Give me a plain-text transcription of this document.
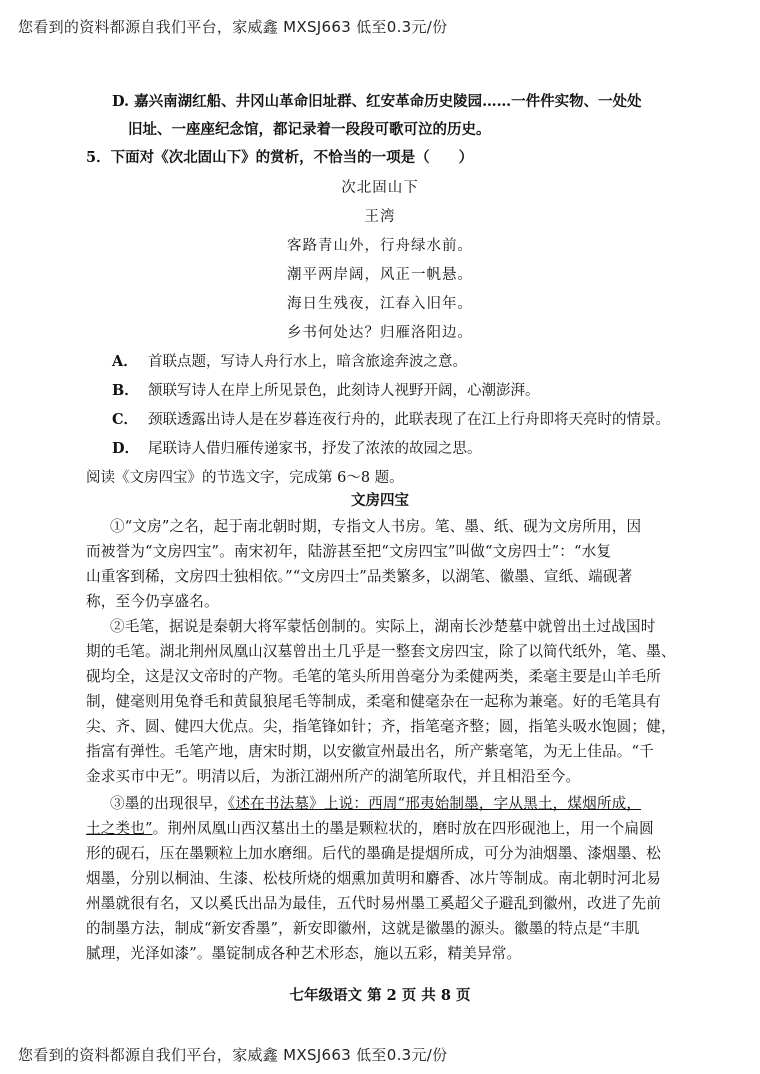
您看到的资料都源自我们平台，家威鑫 MXSJ663 低至0.3元/份
D. 嘉兴南湖红船、井冈山革命旧址群、红安革命历史陵园……一件件实物、一处处
旧址、一座座纪念馆，都记录着一段段可歌可泣的历史。
5．下面对《次北固山下》的赏析，不恰当的一项是（　　）
次北固山下
王湾
客路青山外，行舟绿水前。
潮平两岸阔，风正一帆悬。
海日生残夜，江春入旧年。
乡书何处达？归雁洛阳边。
A． 首联点题，写诗人舟行水上，暗含旅途奔波之意。
B． 颔联写诗人在岸上所见景色，此刻诗人视野开阔，心潮澎湃。
C． 颈联透露出诗人是在岁暮连夜行舟的，此联表现了在江上行舟即将天亮时的情景。
D． 尾联诗人借归雁传递家书，抒发了浓浓的故园之思。
阅读《文房四宝》的节选文字，完成第 6～8 题。
文房四宝
①“文房”之名，起于南北朝时期，专指文人书房。笔、墨、纸、砚为文房所用，因
而被誉为“文房四宝”。南宋初年，陆游甚至把“文房四宝”叫做“文房四士”：“水复
山重客到稀，文房四士独相依。”“文房四士”品类繁多，以湖笔、徽墨、宣纸、端砚著
称，至今仍享盛名。
②毛笔，据说是秦朝大将军蒙恬创制的。实际上，湖南长沙楚墓中就曾出土过战国时
期的毛笔。湖北荆州凤凰山汉墓曾出土几乎是一整套文房四宝，除了以简代纸外，笔、墨、
砚均全，这是汉文帝时的产物。毛笔的笔头所用兽毫分为柔健两类，柔毫主要是山羊毛所
制，健毫则用兔脊毛和黄鼠狼尾毛等制成，柔毫和健毫杂在一起称为兼毫。好的毛笔具有
尖、齐、圆、健四大优点。尖，指笔锋如针；齐，指笔毫齐整；圆，指笔头吸水饱圆；健，
指富有弹性。毛笔产地，唐宋时期，以安徽宣州最出名，所产紫毫笔，为无上佳品。“千
金求买市中无”。明清以后，为浙江湖州所产的湖笔所取代，并且相沿至今。
③墨的出现很早，《述在书法墓》上说：西周“邢夷始制墨，字从黑土，煤烟所成，
土之类也”。荆州凤凰山西汉墓出土的墨是颗粒状的，磨时放在四形砚池上，用一个扁圆
形的砚石，压在墨颗粒上加水磨细。后代的墨确是提烟所成，可分为油烟墨、漆烟墨、松
烟墨，分别以桐油、生漆、松枝所烧的烟熏加黄明和麝香、冰片等制成。南北朝时河北易
州墨就很有名，又以奚氏出品为最佳，五代时易州墨工奚超父子避乱到徽州，改进了先前
的制墨方法，制成“新安香墨”，新安即徽州，这就是徽墨的源头。徽墨的特点是“丰肌
腻理，光泽如漆”。墨锭制成各种艺术形态，施以五彩，精美异常。
七年级语文 第 2 页 共 8 页
您看到的资料都源自我们平台，家威鑫 MXSJ663 低至0.3元/份
